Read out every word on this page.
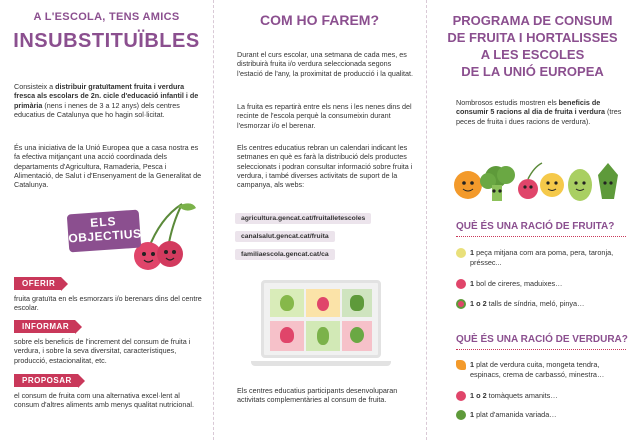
A L'ESCOLA, TENS AMICS
INSUBSTITUÏBLES
Consisteix a distribuir gratuïtament fruita i verdura fresca als escolars de 2n. cicle d'educació infantil i de primària (nens i nenes de 3 a 12 anys) dels centres educatius de Catalunya que ho hagin sol·licitat.
És una iniciativa de la Unió Europea que a casa nostra es fa efectiva mitjançant una acció coordinada dels departaments d'Agricultura, Ramaderia, Pesca i Alimentació, de Salut i d'Ensenyament de la Generalitat de Catalunya.
ELS
OBJECTIUS
OFERIR
fruita gratuïta en els esmorzars i/o berenars dins del centre escolar.
INFORMAR
sobre els beneficis de l'increment del consum de fruita i verdura, i sobre la seva diversitat, característiques, producció, estacionalitat, etc.
PROPOSAR
el consum de fruita com una alternativa excel·lent al consum d'altres aliments amb menys qualitat nutricional.
COM HO FAREM?
Durant el curs escolar, una setmana de cada mes, es distribuirà fruita i/o verdura seleccionada segons l'estació de l'any, la proximitat de producció i la qualitat.
La fruita es repartirà entre els nens i les nenes dins del recinte de l'escola perquè la consumeixin durant l'esmorzar i/o el berenar.
Els centres educatius rebran un calendari indicant les setmanes en què es farà la distribució dels productes seleccionats i podran consultar informació sobre fruita i verdura, i també diverses activitats de suport de la campanya, als webs:
agricultura.gencat.cat/fruitalletescoles
canalsalut.gencat.cat/fruita
familiaescola.gencat.cat/ca
Els centres educatius participants desenvoluparan activitats complementàries al consum de fruita.
PROGRAMA DE CONSUM
DE FRUITA I HORTALISSES
A LES ESCOLES
DE LA UNIÓ EUROPEA
Nombrosos estudis mostren els beneficis de consumir 5 racions al dia de fruita i verdura (tres peces de fruita i dues racions de verdura).
QUÈ ÉS UNA RACIÓ DE FRUITA?
1 peça mitjana com ara poma, pera, taronja, préssec...
1 bol de cireres, maduixes…
1 o 2 talls de síndria, meló, pinya…
QUÈ ÉS UNA RACIÓ DE VERDURA?
1 plat de verdura cuita, mongeta tendra, espinacs, crema de carbassó, minestra…
1 o 2 tomàquets amanits…
1 plat d'amanida variada…
